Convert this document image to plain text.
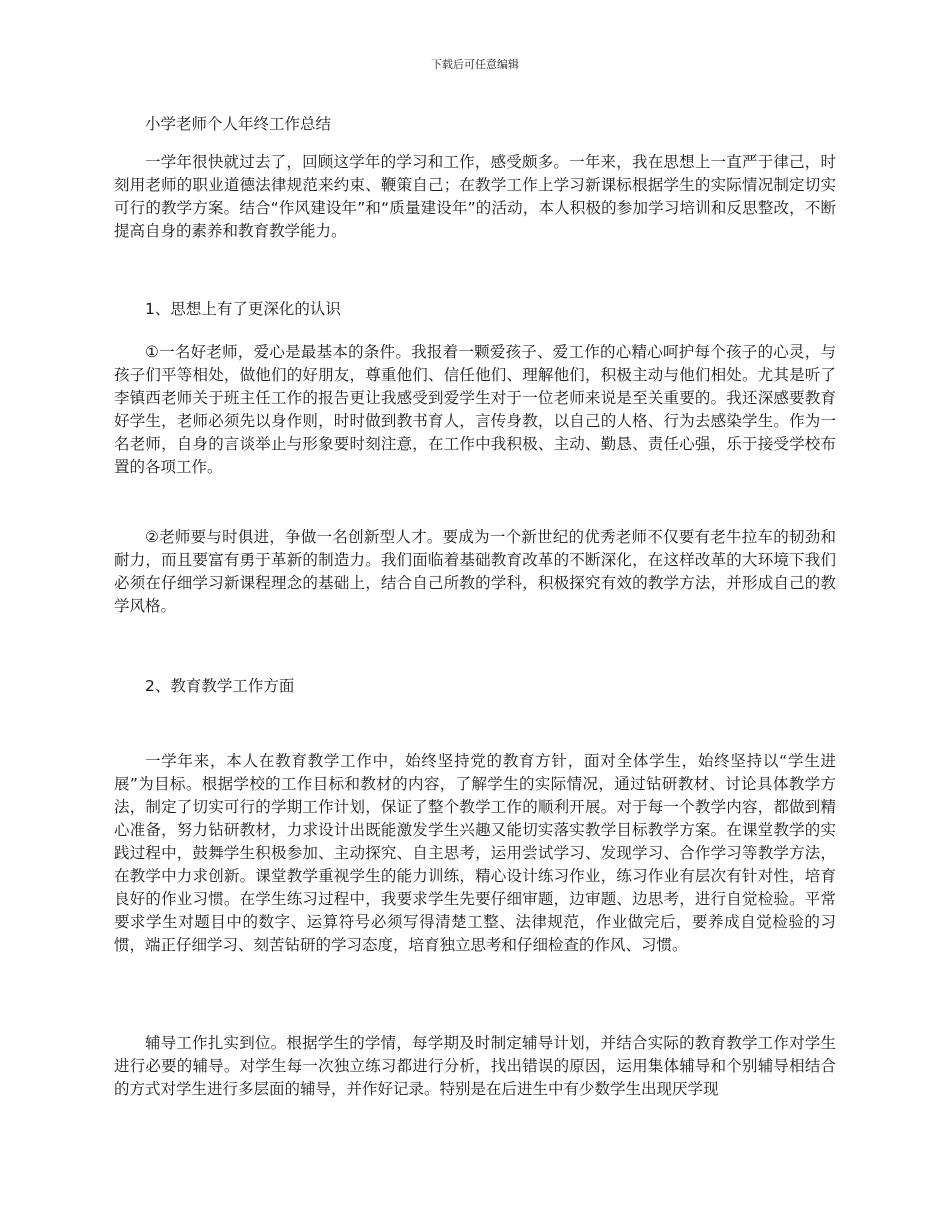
下载后可任意编辑

小学老师个人年终工作总结

一学年很快就过去了，回顾这学年的学习和工作，感受颇多。一年来，我在思想上一直严于律己，时刻用老师的职业道德法律规范来约束、鞭策自己；在教学工作上学习新课标根据学生的实际情况制定切实可行的教学方案。结合“作风建设年”和“质量建设年”的活动，本人积极的参加学习培训和反思整改，不断提高自身的素养和教育教学能力。

1、思想上有了更深化的认识

①一名好老师，爱心是最基本的条件。我报着一颗爱孩子、爱工作的心精心呵护每个孩子的心灵，与孩子们平等相处，做他们的好朋友，尊重他们、信任他们、理解他们，积极主动与他们相处。尤其是听了李镇西老师关于班主任工作的报告更让我感受到爱学生对于一位老师来说是至关重要的。我还深感要教育好学生，老师必须先以身作则，时时做到教书育人，言传身教，以自己的人格、行为去感染学生。作为一名老师，自身的言谈举止与形象要时刻注意，在工作中我积极、主动、勤恳、责任心强，乐于接受学校布置的各项工作。

②老师要与时俱进，争做一名创新型人才。要成为一个新世纪的优秀老师不仅要有老牛拉车的韧劲和耐力，而且要富有勇于革新的制造力。我们面临着基础教育改革的不断深化，在这样改革的大环境下我们必须在仔细学习新课程理念的基础上，结合自己所教的学科，积极探究有效的教学方法，并形成自己的教学风格。

2、教育教学工作方面

一学年来，本人在教育教学工作中，始终坚持党的教育方针，面对全体学生，始终坚持以“学生进展”为目标。根据学校的工作目标和教材的内容，了解学生的实际情况，通过钻研教材、讨论具体教学方法，制定了切实可行的学期工作计划，保证了整个教学工作的顺利开展。对于每一个教学内容，都做到精心准备，努力钻研教材，力求设计出既能激发学生兴趣又能切实落实教学目标教学方案。在课堂教学的实践过程中，鼓舞学生积极参加、主动探究、自主思考，运用尝试学习、发现学习、合作学习等教学方法，在教学中力求创新。课堂教学重视学生的能力训练，精心设计练习作业，练习作业有层次有针对性，培育良好的作业习惯。在学生练习过程中，我要求学生先要仔细审题，边审题、边思考，进行自觉检验。平常要求学生对题目中的数字、运算符号必须写得清楚工整、法律规范，作业做完后，要养成自觉检验的习惯，端正仔细学习、刻苦钻研的学习态度，培育独立思考和仔细检查的作风、习惯。

辅导工作扎实到位。根据学生的学情，每学期及时制定辅导计划，并结合实际的教育教学工作对学生进行必要的辅导。对学生每一次独立练习都进行分析，找出错误的原因，运用集体辅导和个别辅导相结合的方式对学生进行多层面的辅导，并作好记录。特别是在后进生中有少数学生出现厌学现
